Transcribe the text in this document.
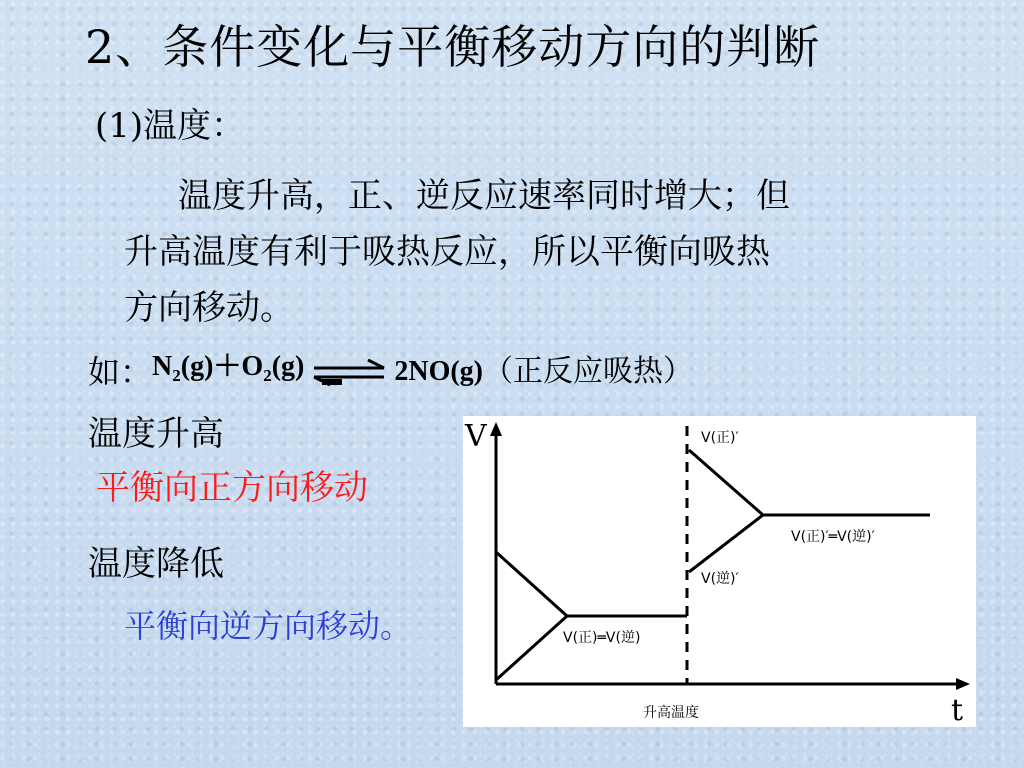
2、条件变化与平衡移动方向的判断
(1)温度：
温度升高，正、逆反应速率同时增大；但
升高温度有利于吸热反应，所以平衡向吸热
方向移动。
如： $N_2(g)+O_2(g)$ ⇌ 2NO(g) （正反应吸热）
温度升高
平衡向正方向移动
温度降低
平衡向逆方向移动。
V
t
V(正)═V(逆)
升高温度
V(正)′
V(逆)′
V(正)′═V(逆)′
